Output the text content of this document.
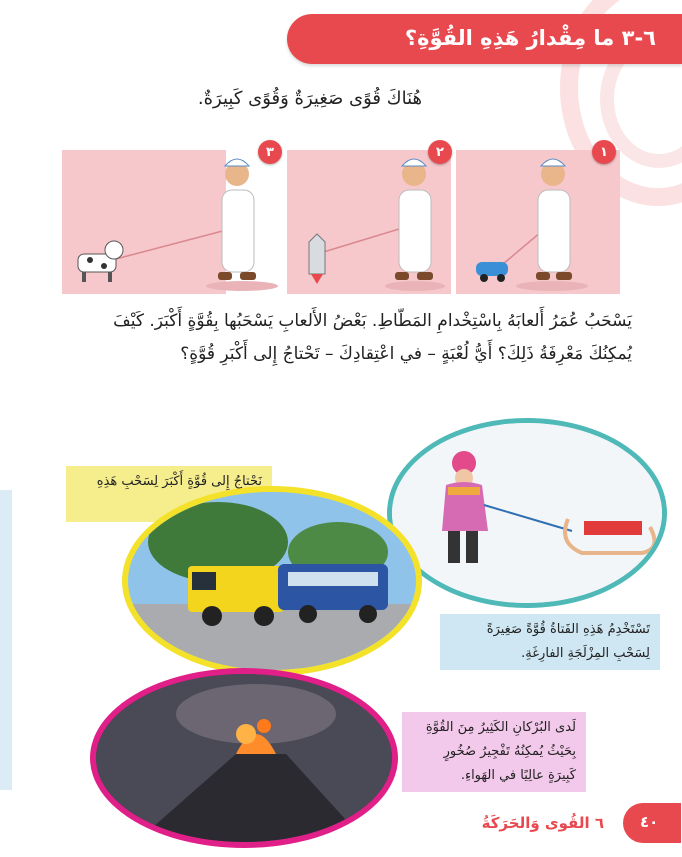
٦-٣ ما مِقْدارُ هَذِهِ القُوَّةِ؟
هُنَاكَ قُوًى صَغِيرَةٌ وَقُوًى كَبِيرَةٌ.
١
٢
٣
يَسْحَبُ عُمَرُ أَلعابَهُ بِاسْتِخْدامِ المَطّاطِ. بَعْضُ الأَلعابِ يَسْحَبُها بِقُوَّةٍ أَكْبَرَ. كَيْفَ يُمكِنُكَ مَعْرِفَةُ ذَلِكَ؟ أَيُّ لُعْبَةٍ – في اعْتِقادِكَ – تَحْتاجُ إِلى أَكْبَرِ قُوَّةٍ؟
نَحْتاجُ إِلى قُوَّةٍ أَكْبَرَ لِسَحْبِ هَذِهِ
تَسْتَخْدِمُ هَذِهِ الفَتاةُ قُوَّةً صَغِيرَةً لِسَحْبِ المِزْلَجَةِ الفارِغَةِ.
لَدى البُرْكانِ الكَثِيرُ مِنَ القُوَّةِ بِحَيْثُ يُمكِنُهُ تَفْجِيرُ صُخُورٍ كَبِيرَةٍ عالِيًا في الهَواءِ.
٤٠
٦ القُوى وَالحَرَكَةُ
